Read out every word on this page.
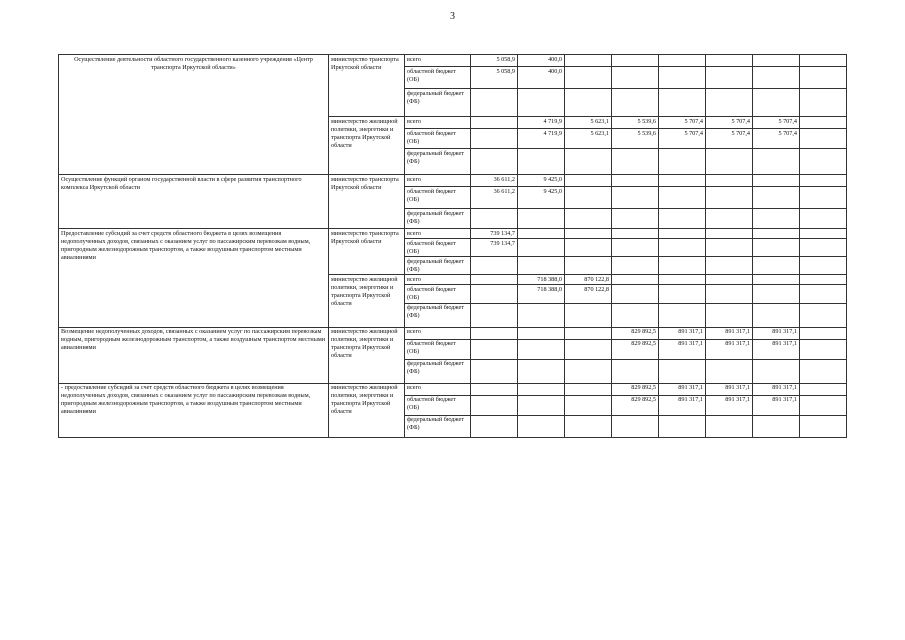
3
Осуществление деятельности областного государственного казенного учреждения «Центр транспорта Иркутской области»	министерство транспорта Иркутской области	всего	5 058,9	400,0						
		областной бюджет (ОБ)	5 058,9	400,0						
		федеральный бюджет (ФБ)								
	министерство жилищной политики, энергетики и транспорта Иркутской области	всего		4 719,9	5 623,1	5 539,6	5 707,4	5 707,4	5 707,4	
		областной бюджет (ОБ)		4 719,9	5 623,1	5 539,6	5 707,4	5 707,4	5 707,4	
		федеральный бюджет (ФБ)								
Осуществление функций органом государственной власти в сфере развития транспортного комплекса Иркутской области	министерство транспорта Иркутской области	всего	36 611,2	9 425,0						
		областной бюджет (ОБ)	36 611,2	9 425,0						
		федеральный бюджет (ФБ)								
Предоставление субсидий за счет средств областного бюджета в целях возмещения недополученных доходов, связанных с оказанием услуг по пассажирским перевозкам водным, пригородным железнодорожным транспортом, а также воздушным транспортом местными авиалиниями	министерство транспорта Иркутской области	всего	739 134,7							
		областной бюджет (ОБ)	739 134,7							
		федеральный бюджет (ФБ)								
	министерство жилищной политики, энергетики и транспорта Иркутской области	всего		718 388,0	870 122,8					
		областной бюджет (ОБ)		718 388,0	870 122,8					
		федеральный бюджет (ФБ)								
Возмещение недополученных доходов, связанных с оказанием услуг по пассажирским перевозкам водным, пригородным железнодорожным транспортом, а также воздушным транспортом местными авиалиниями	министерство жилищной политики, энергетики и транспорта Иркутской области	всего				829 892,5	891 317,1	891 317,1	891 317,1	
		областной бюджет (ОБ)				829 892,5	891 317,1	891 317,1	891 317,1	
		федеральный бюджет (ФБ)								
- предоставление субсидий за счет средств областного бюджета в целях возмещения недополученных доходов, связанных с оказанием услуг по пассажирским перевозкам водным, пригородным железнодорожным транспортом, а также воздушным транспортом местными авиалиниями	министерство жилищной политики, энергетики и транспорта Иркутской области	всего				829 892,5	891 317,1	891 317,1	891 317,1	
		областной бюджет (ОБ)				829 892,5	891 317,1	891 317,1	891 317,1	
		федеральный бюджет (ФБ)								
